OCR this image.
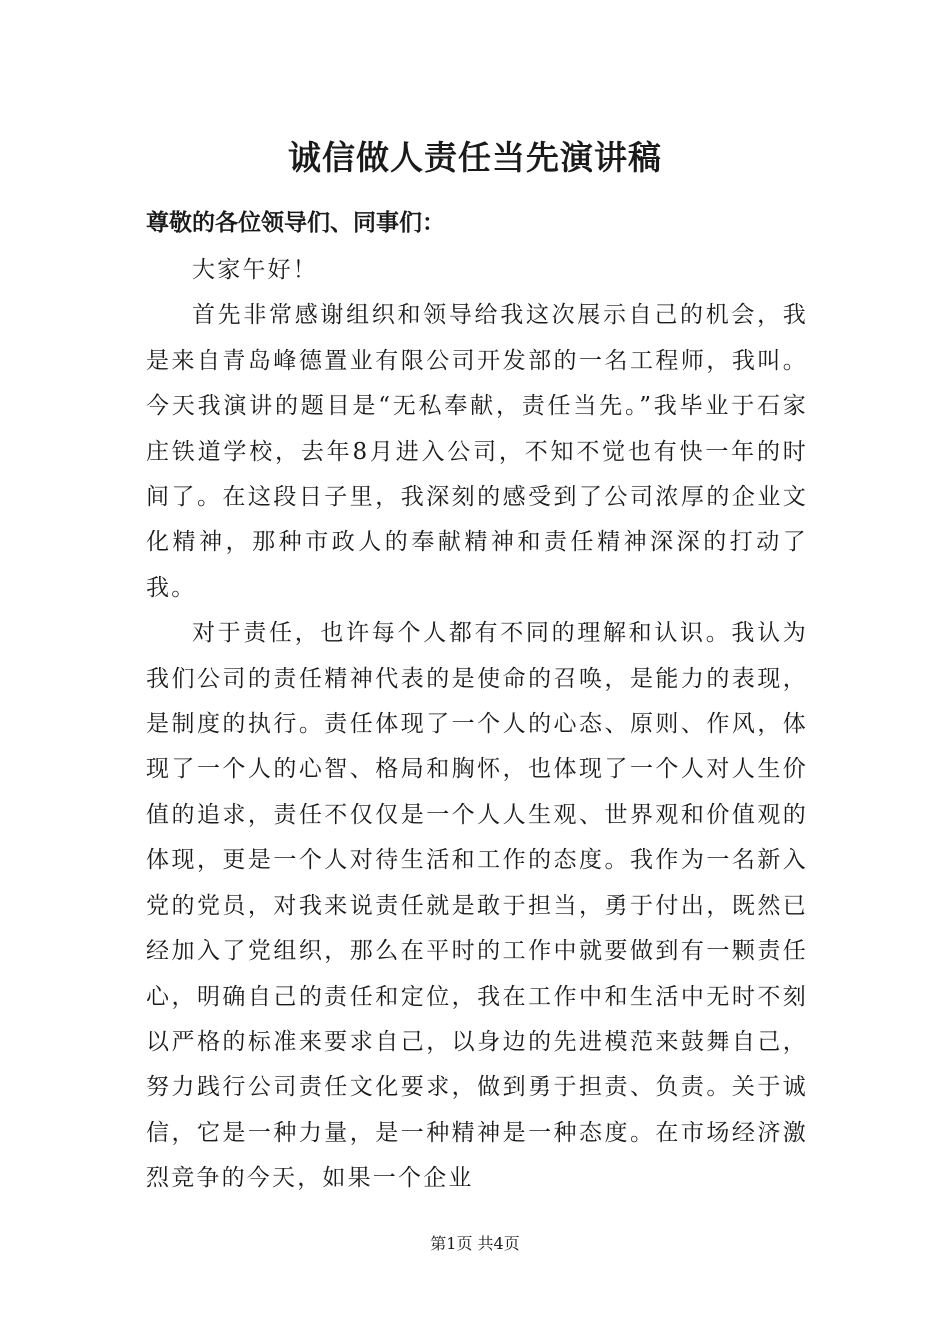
诚信做人责任当先演讲稿
尊敬的各位领导们、同事们：

大家午好！

首先非常感谢组织和领导给我这次展示自己的机会，我是来自青岛峰德置业有限公司开发部的一名工程师，我叫。今天我演讲的题目是“无私奉献，责任当先。”我毕业于石家庄铁道学校，去年8月进入公司，不知不觉也有快一年的时间了。在这段日子里，我深刻的感受到了公司浓厚的企业文化精神，那种市政人的奉献精神和责任精神深深的打动了我。

对于责任，也许每个人都有不同的理解和认识。我认为我们公司的责任精神代表的是使命的召唤，是能力的表现，是制度的执行。责任体现了一个人的心态、原则、作风，体现了一个人的心智、格局和胸怀，也体现了一个人对人生价值的追求，责任不仅仅是一个人人生观、世界观和价值观的体现，更是一个人对待生活和工作的态度。我作为一名新入党的党员，对我来说责任就是敢于担当，勇于付出，既然已经加入了党组织，那么在平时的工作中就要做到有一颗责任心，明确自己的责任和定位，我在工作中和生活中无时不刻以严格的标准来要求自己，以身边的先进模范来鼓舞自己，努力践行公司责任文化要求，做到勇于担责、负责。关于诚信，它是一种力量，是一种精神是一种态度。在市场经济激烈竞争的今天，如果一个企业

第1页 共4页
